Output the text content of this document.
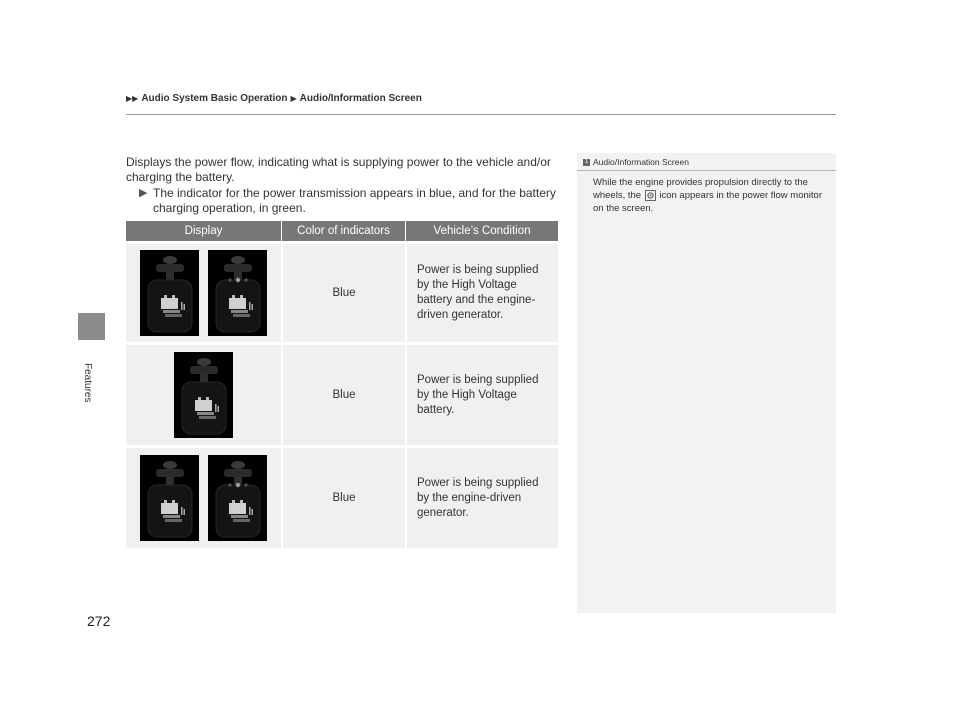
Features
272
▶▶ Audio System Basic Operation ▶ Audio/Information Screen
Displays the power flow, indicating what is supplying power to the vehicle and/or charging the battery.
▶ The indicator for the power transmission appears in blue, and for the battery charging operation, in green.
Display	Color of indicators	Vehicle’s Condition
Blue
Power is being supplied by the High Voltage battery and the engine-driven generator.
Blue
Power is being supplied by the High Voltage battery.
Blue
Power is being supplied by the engine-driven generator.
1 Audio/Information Screen
While the engine provides propulsion directly to the wheels, the icon appears in the power flow monitor on the screen.
